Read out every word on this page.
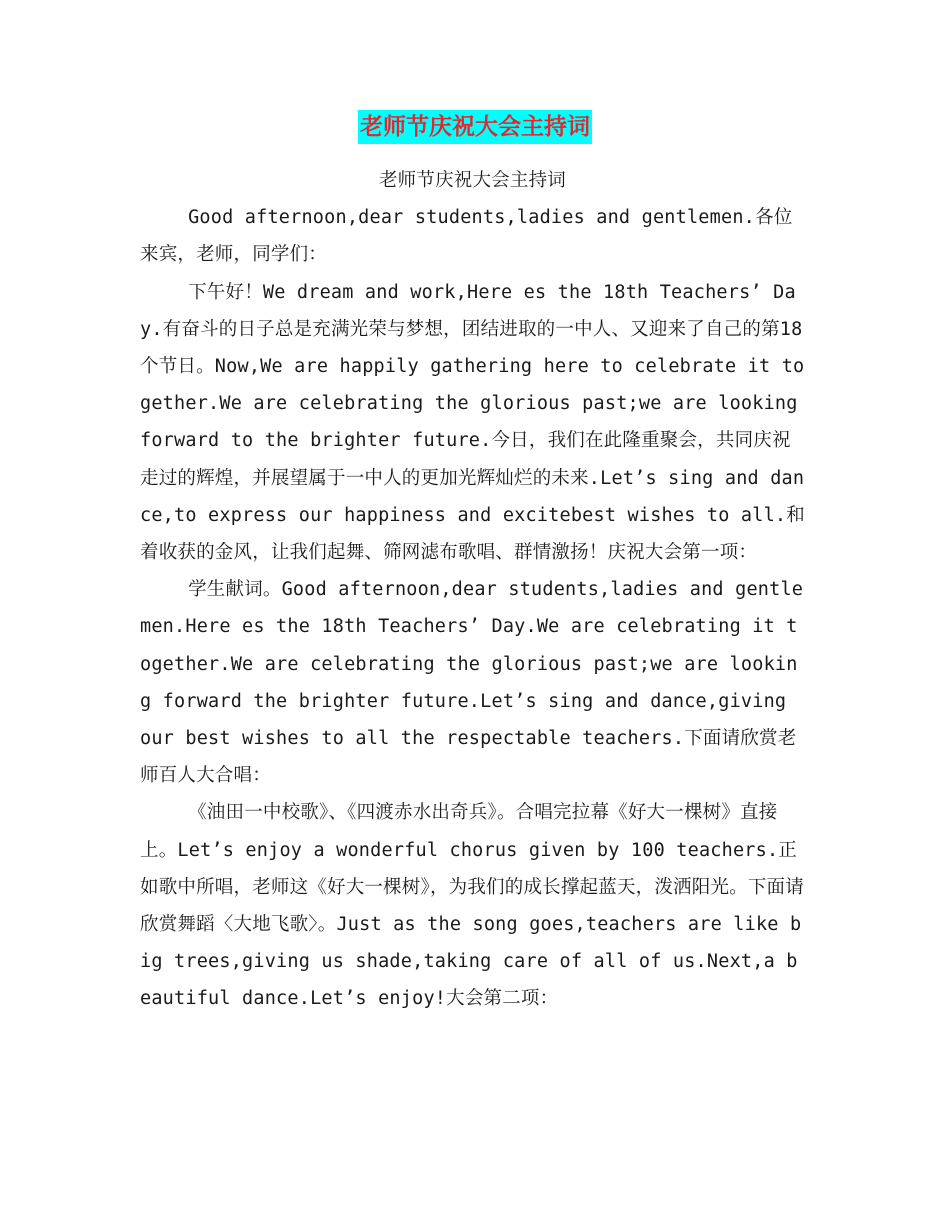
老师节庆祝大会主持词

老师节庆祝大会主持词

Good afternoon,dear students,ladies and gentlemen.各位来宾，老师，同学们：

下午好！We dream and work,Here es the 18th Teachers’ Day.有奋斗的日子总是充满光荣与梦想，团结进取的一中人、又迎来了自己的第18个节日。Now,We are happily gathering here to celebrate it together.We are celebrating the glorious past;we are looking forward to the brighter future.今日，我们在此隆重聚会，共同庆祝走过的辉煌，并展望属于一中人的更加光辉灿烂的未来.Let’s sing and dance,to express our happiness and excitebest wishes to all.和着收获的金风，让我们起舞、筛网滤布歌唱、群情激扬！庆祝大会第一项：

学生献词。Good afternoon,dear students,ladies and gentlemen.Here es the 18th Teachers’ Day.We are celebrating it together.We are celebrating the glorious past;we are looking forward the brighter future.Let’s sing and dance,giving our best wishes to all the respectable teachers.下面请欣赏老师百人大合唱：

《油田一中校歌》、《四渡赤水出奇兵》。合唱完拉幕《好大一棵树》直接上。Let’s enjoy a wonderful chorus given by 100 teachers.正如歌中所唱，老师这《好大一棵树》，为我们的成长撑起蓝天，泼洒阳光。下面请欣赏舞蹈〈大地飞歌〉。Just as the song goes,teachers are like big trees,giving us shade,taking care of all of us.Next,a beautiful dance.Let’s enjoy!大会第二项：
